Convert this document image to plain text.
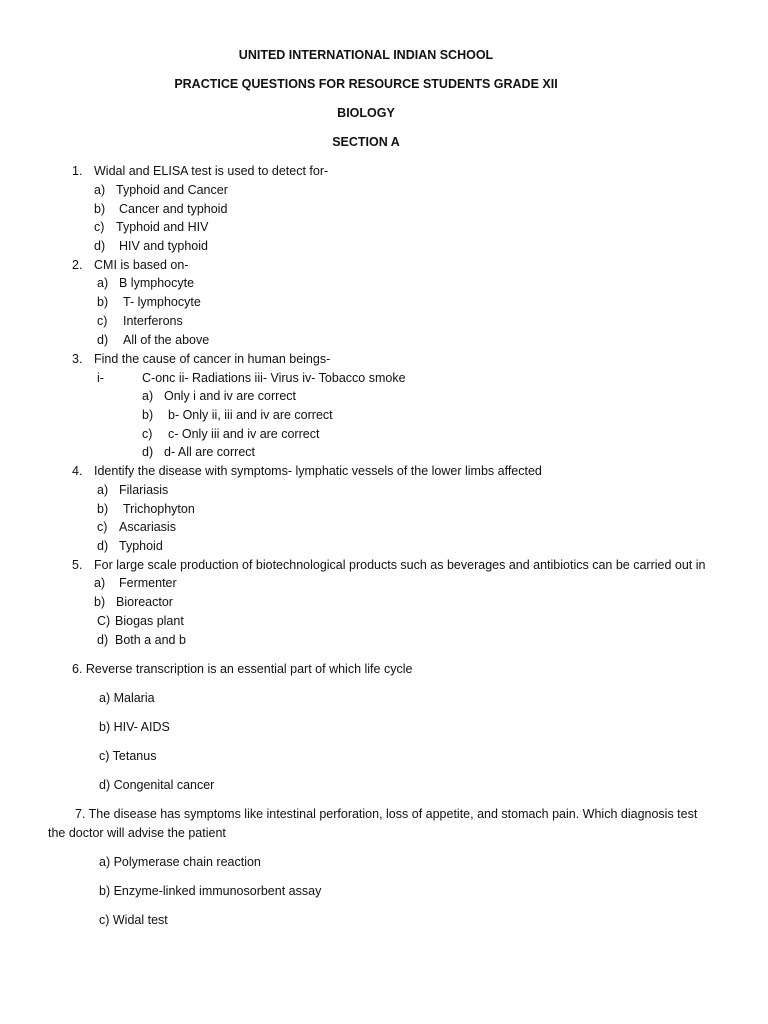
UNITED INTERNATIONAL INDIAN SCHOOL
PRACTICE QUESTIONS FOR RESOURCE STUDENTS GRADE XII
BIOLOGY
SECTION A
1. Widal and ELISA test is used to detect for-
a) Typhoid and Cancer
b) Cancer and typhoid
c) Typhoid and HIV
d) HIV and typhoid
2. CMI is based on-
a) B lymphocyte
b) T- lymphocyte
c) Interferons
d) All of the above
3. Find the cause of cancer in human beings-
i-	C-onc ii- Radiations iii- Virus iv- Tobacco smoke
a) Only i and iv are correct
b) b- Only ii, iii and iv are correct
c) c- Only iii and iv are correct
d) d- All are correct
4. Identify the disease with symptoms- lymphatic vessels of the lower limbs affected
a) Filariasis
b) Trichophyton
c) Ascariasis
d) Typhoid
5. For large scale production of biotechnological products such as beverages and antibiotics can be carried out in
a) Fermenter
b) Bioreactor
C) Biogas plant
d) Both a and b
6. Reverse transcription is an essential part of which life cycle
a) Malaria
b) HIV- AIDS
c) Tetanus
d) Congenital cancer
7. The disease has symptoms like intestinal perforation, loss of appetite, and stomach pain. Which diagnosis test
the doctor will advise the patient
a) Polymerase chain reaction
b) Enzyme-linked immunosorbent assay
c) Widal test
